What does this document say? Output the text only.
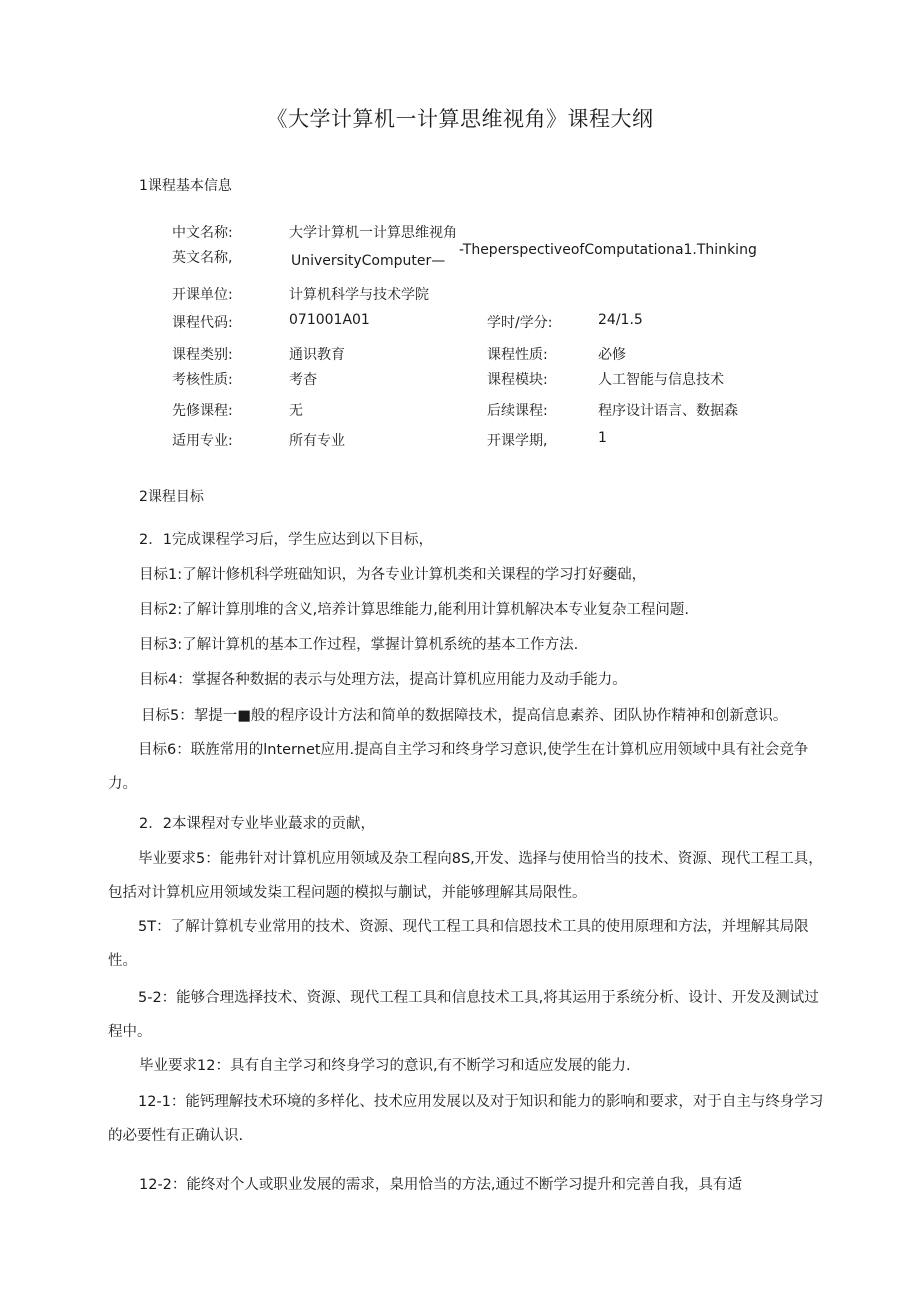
《大学计算机一计算思维视角》课程大纲
1课程基本信息
中文名称:	大学计算机一计算思维视角
英文名称,	UniversityComputer—
-TheperspectiveofComputationa1.Thinking
开课单位:	计算机科学与技术学院
课程代码:	071001A01	学时/学分:	24/1.5
课程类别:	通识教育	课程性质:	必修
考核性质:	考杳	课程模块:	人工智能与信息技术
先修课程:	无	后续课程:	程序设计语言、数据森
适用专业:	所有专业	开课学期,	1
2课程目标
2．1完成课程学习后，学生应达到以下目标，
目标1:了解计修机科学班础知识，为各专业计算机类和关课程的学习打好蘷础，
目标2:了解计算刖堆的含义,培养计算思维能力,能利用计算机解决本专业复杂工程问题.
目标3:了解计算机的基本工作过程，掌握计算机系统的基本工作方法.
目标4：掌握各种数据的表示与处理方法，提高计算机应用能力及动手能力。
目标5：挈提一■般的程序设计方法和简单的数据障技术，提高信息素养、团队协作精神和创新意识。
目标6：联旌常用的lnternet应用.提高自主学习和终身学习意识,使学生在计算机应用领域中具有社会竞争力。
2．2本课程对专业毕业蕞求的贡献，
毕业要求5：能弗针对计算机应用领域及杂工程向8S,开发、选择与使用恰当的技术、资源、现代工程工具，包括对计算机应用领域发柒工程问题的模拟与蒯试，并能够理解其局限性。
5T：了解计算机专业常用的技术、资源、现代工程工具和信恩技术工具的使用原理和方法，并埋解其局限性。
5-2：能够合理选择技术、资源、现代工程工具和信息技术工具,将其运用于系统分析、设计、开发及测试过程中。
毕业要求12：具有自主学习和终身学习的意识,有不断学习和适应发展的能力.
12-1：能钙理解技术环境的多样化、技术应用发展以及对于知识和能力的影响和要求，对于自主与终身学习的必要性有正确认识.
12-2：能终对个人或职业发展的需求，臬用恰当的方法,通过不断学习提升和完善自我，具有适
